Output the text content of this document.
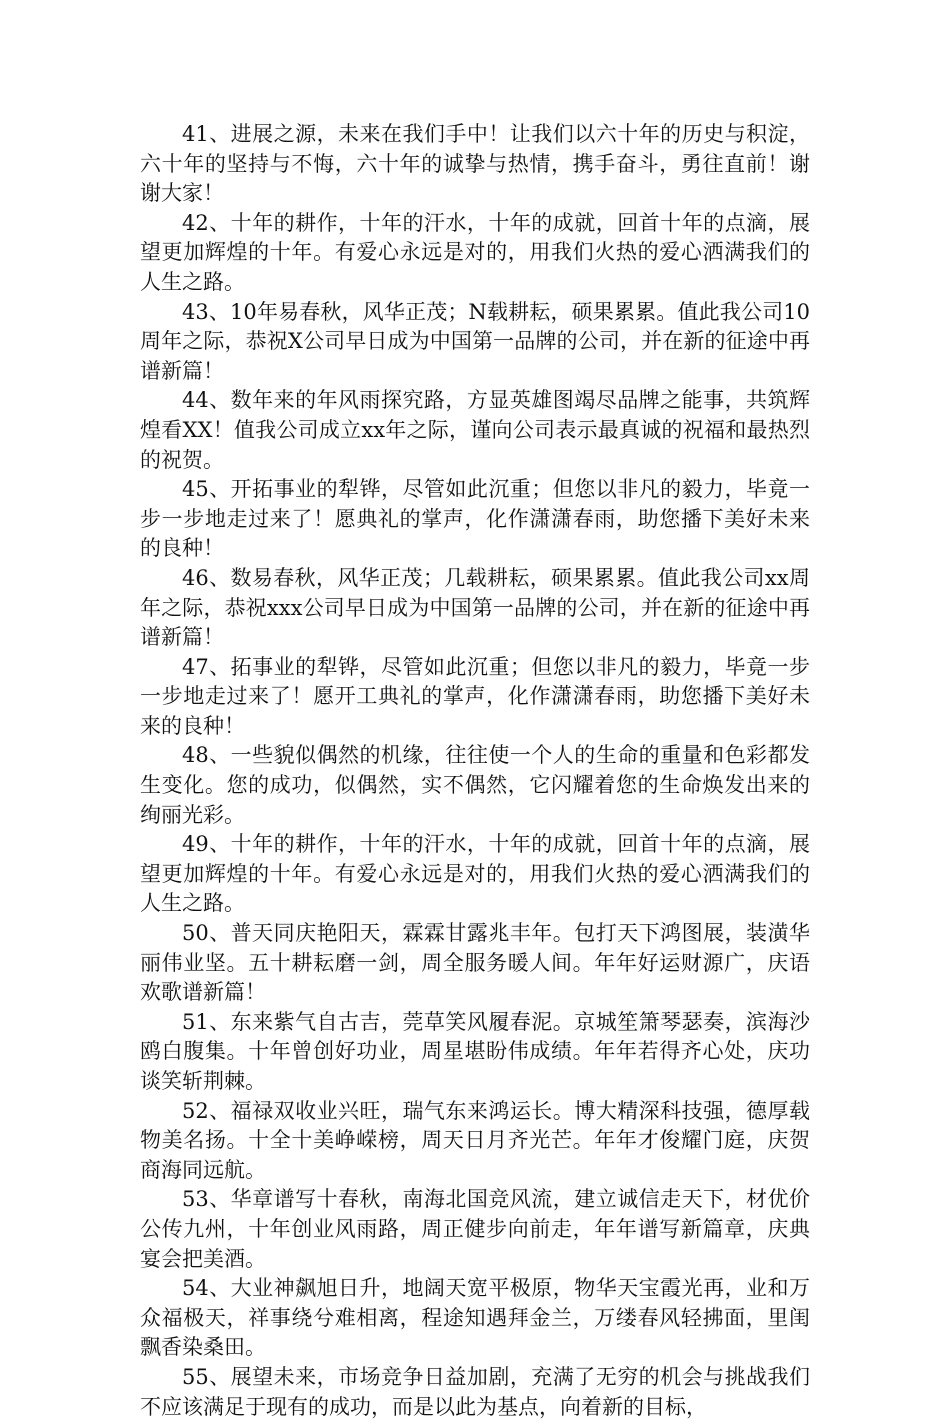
41、进展之源，未来在我们手中！让我们以六十年的历史与积淀，六十年的坚持与不悔，六十年的诚挚与热情，携手奋斗，勇往直前！谢谢大家！

42、十年的耕作，十年的汗水，十年的成就，回首十年的点滴，展望更加辉煌的十年。有爱心永远是对的，用我们火热的爱心洒满我们的人生之路。

43、10年易春秋，风华正茂；N载耕耘，硕果累累。值此我公司10周年之际，恭祝X公司早日成为中国第一品牌的公司，并在新的征途中再谱新篇！

44、数年来的年风雨探究路，方显英雄图竭尽品牌之能事，共筑辉煌看XX！值我公司成立xx年之际，谨向公司表示最真诚的祝福和最热烈的祝贺。

45、开拓事业的犁铧，尽管如此沉重；但您以非凡的毅力，毕竟一步一步地走过来了！愿典礼的掌声，化作潇潇春雨，助您播下美好未来的良种！

46、数易春秋，风华正茂；几载耕耘，硕果累累。值此我公司xx周年之际，恭祝xxx公司早日成为中国第一品牌的公司，并在新的征途中再谱新篇！

47、拓事业的犁铧，尽管如此沉重；但您以非凡的毅力，毕竟一步一步地走过来了！愿开工典礼的掌声，化作潇潇春雨，助您播下美好未来的良种！

48、一些貌似偶然的机缘，往往使一个人的生命的重量和色彩都发生变化。您的成功，似偶然，实不偶然，它闪耀着您的生命焕发出来的绚丽光彩。

49、十年的耕作，十年的汗水，十年的成就，回首十年的点滴，展望更加辉煌的十年。有爱心永远是对的，用我们火热的爱心洒满我们的人生之路。

50、普天同庆艳阳天，霖霖甘露兆丰年。包打天下鸿图展，装潢华丽伟业坚。五十耕耘磨一剑，周全服务暖人间。年年好运财源广，庆语欢歌谱新篇！

51、东来紫气自古吉，莞草笑风履春泥。京城笙箫琴瑟奏，滨海沙鸥白腹集。十年曾创好功业，周星堪盼伟成绩。年年若得齐心处，庆功谈笑斩荆棘。

52、福禄双收业兴旺，瑞气东来鸿运长。博大精深科技强，德厚载物美名扬。十全十美峥嵘榜，周天日月齐光芒。年年才俊耀门庭，庆贺商海同远航。

53、华章谱写十春秋，南海北国竞风流，建立诚信走天下，材优价公传九州，十年创业风雨路，周正健步向前走，年年谱写新篇章，庆典宴会把美酒。

54、大业神飙旭日升，地阔天宽平极原，物华天宝霞光再，业和万众福极天，祥事绕兮难相离，程途知遇拜金兰，万缕春风轻拂面，里闺飘香染桑田。

55、展望未来，市场竞争日益加剧，充满了无穷的机会与挑战我们不应该满足于现有的成功，而是以此为基点，向着新的目标，
